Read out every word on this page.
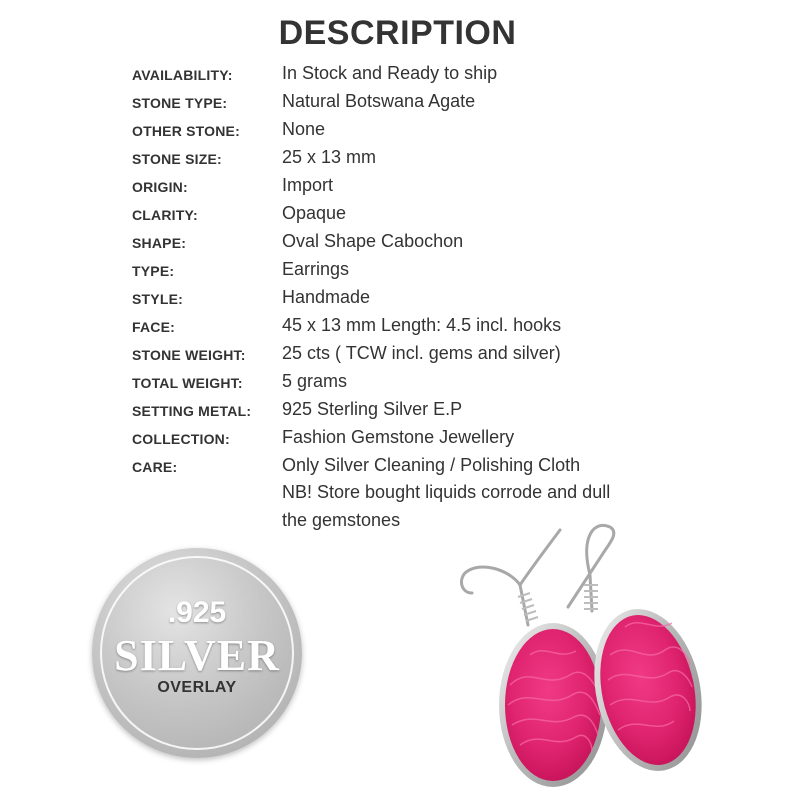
DESCRIPTION
AVAILABILITY:	In Stock and Ready to ship
STONE TYPE:	Natural Botswana Agate
OTHER STONE: None
STONE SIZE:	25 x 13 mm
ORIGIN:	Import
CLARITY:	Opaque
SHAPE:	Oval Shape Cabochon
TYPE:	Earrings
STYLE:	Handmade
FACE:	45 x 13 mm Length: 4.5 incl. hooks
STONE WEIGHT: 25 cts ( TCW incl. gems and silver)
TOTAL WEIGHT: 5 grams
SETTING METAL: 925 Sterling Silver E.P
COLLECTION:	Fashion Gemstone Jewellery
CARE:	Only Silver Cleaning / Polishing Cloth
NB! Store bought liquids corrode and dull
the gemstones
.925
SILVER
OVERLAY
